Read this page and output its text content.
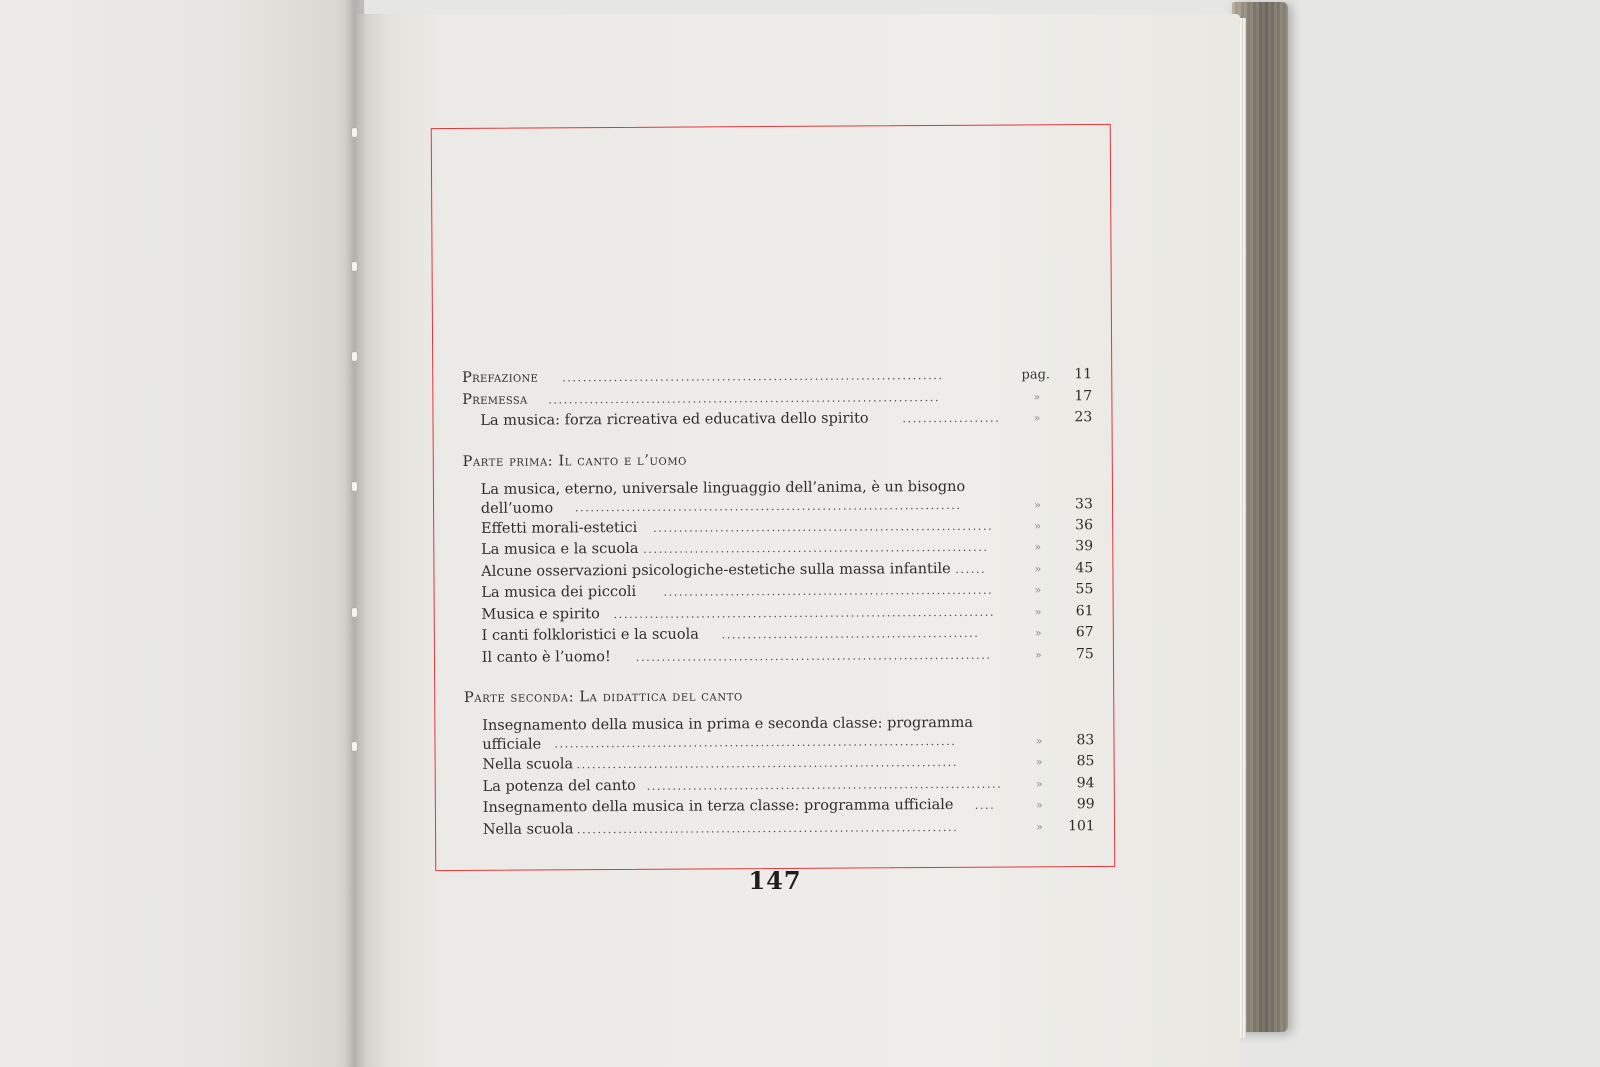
Prefazione ..........................................................................	pag.	11
Premessa ............................................................................	»	17
La musica: forza ricreativa ed educativa dello spirito	...................	»	23
Parte prima: Il canto e l’uomo
La musica, eterno, universale linguaggio dell’anima, è un bisogno dell’uomo	...........................................................................	»	33
Effetti morali-estetici ..................................................................	»	36
La musica e la scuola ...................................................................	»	39
Alcune osservazioni psicologiche-estetiche sulla massa infantile ......	»	45
La musica dei piccoli ................................................................	»	55
Musica e spirito ..........................................................................	»	61
I canti folkloristici e la scuola ..................................................	»	67
Il canto è l’uomo! .....................................................................	»	75
Parte seconda: La didattica del canto
Insegnamento della musica in prima e seconda classe: programma ufficiale	..............................................................................	»	83
Nella scuola ..........................................................................	»	85
La potenza del canto .....................................................................	»	94
Insegnamento della musica in terza classe: programma ufficiale ....	»	99
Nella scuola ..........................................................................	»	101
147
